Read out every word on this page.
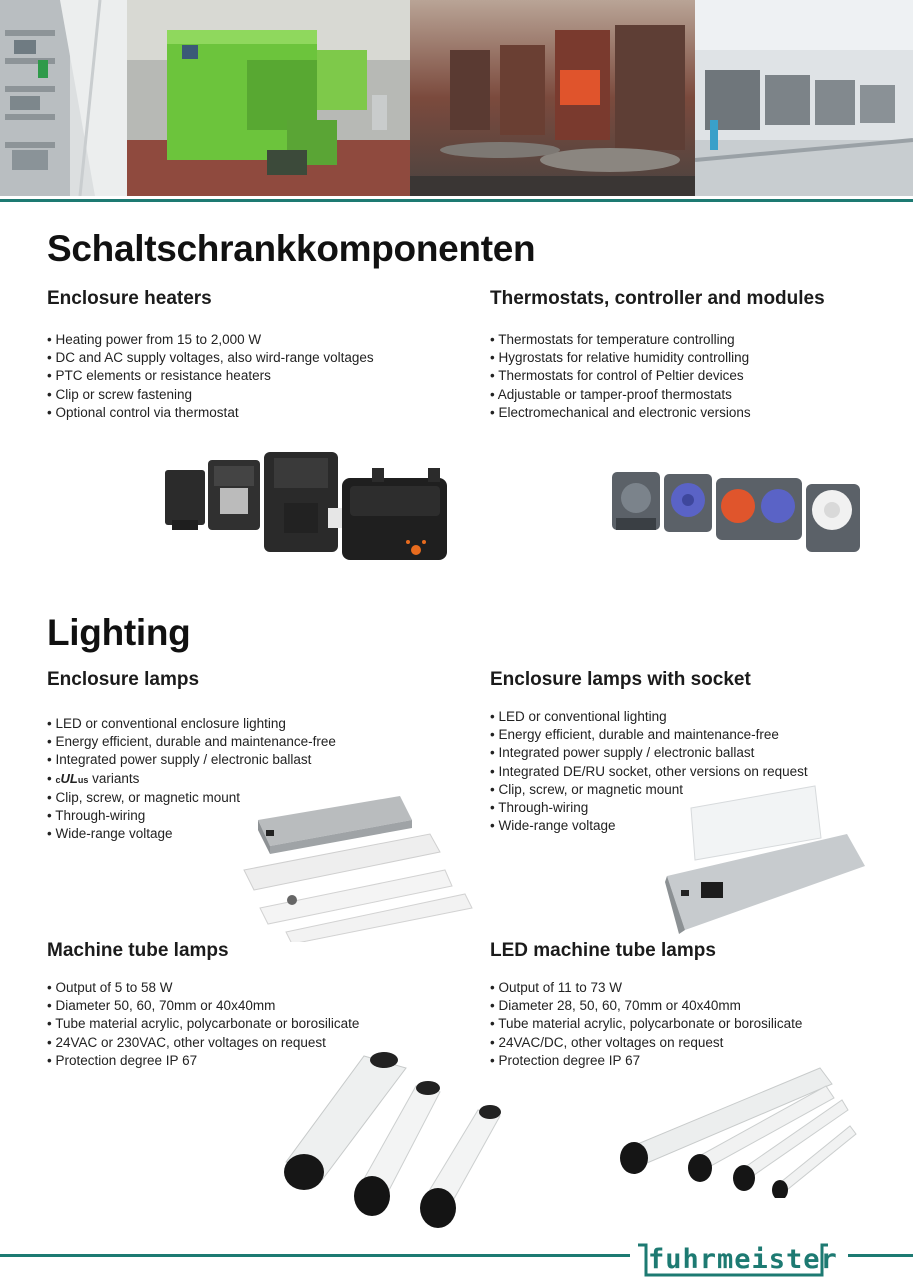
Schaltschrankkomponenten
Enclosure heaters
• Heating power from 15 to 2,000 W
• DC and AC supply voltages, also wird-range voltages
• PTC elements or resistance heaters
• Clip or screw fastening
• Optional control via thermostat
Thermostats, controller and modules
• Thermostats for temperature controlling
• Hygrostats for relative humidity controlling
• Thermostats for control of Peltier devices
• Adjustable or tamper-proof thermostats
• Electromechanical and electronic versions
Lighting
Enclosure lamps
• LED or conventional enclosure lighting
• Energy efficient, durable and maintenance-free
• Integrated power supply / electronic ballast
• cULus variants
• Clip, screw, or magnetic mount
• Through-wiring
• Wide-range voltage
Enclosure lamps with socket
• LED or conventional lighting
• Energy efficient, durable and maintenance-free
• Integrated power supply / electronic ballast
• Integrated DE/RU socket, other versions on request
• Clip, screw, or magnetic mount
• Through-wiring
• Wide-range voltage
Machine tube lamps
• Output of 5 to 58 W
• Diameter 50, 60, 70mm or 40x40mm
• Tube material acrylic, polycarbonate or borosilicate
• 24VAC or 230VAC, other voltages on request
• Protection degree IP 67
LED machine tube lamps
• Output of 11 to 73 W
• Diameter 28, 50, 60, 70mm or 40x40mm
• Tube material acrylic, polycarbonate or borosilicate
• 24VAC/DC, other voltages on request
• Protection degree IP 67
fuhrmeister
